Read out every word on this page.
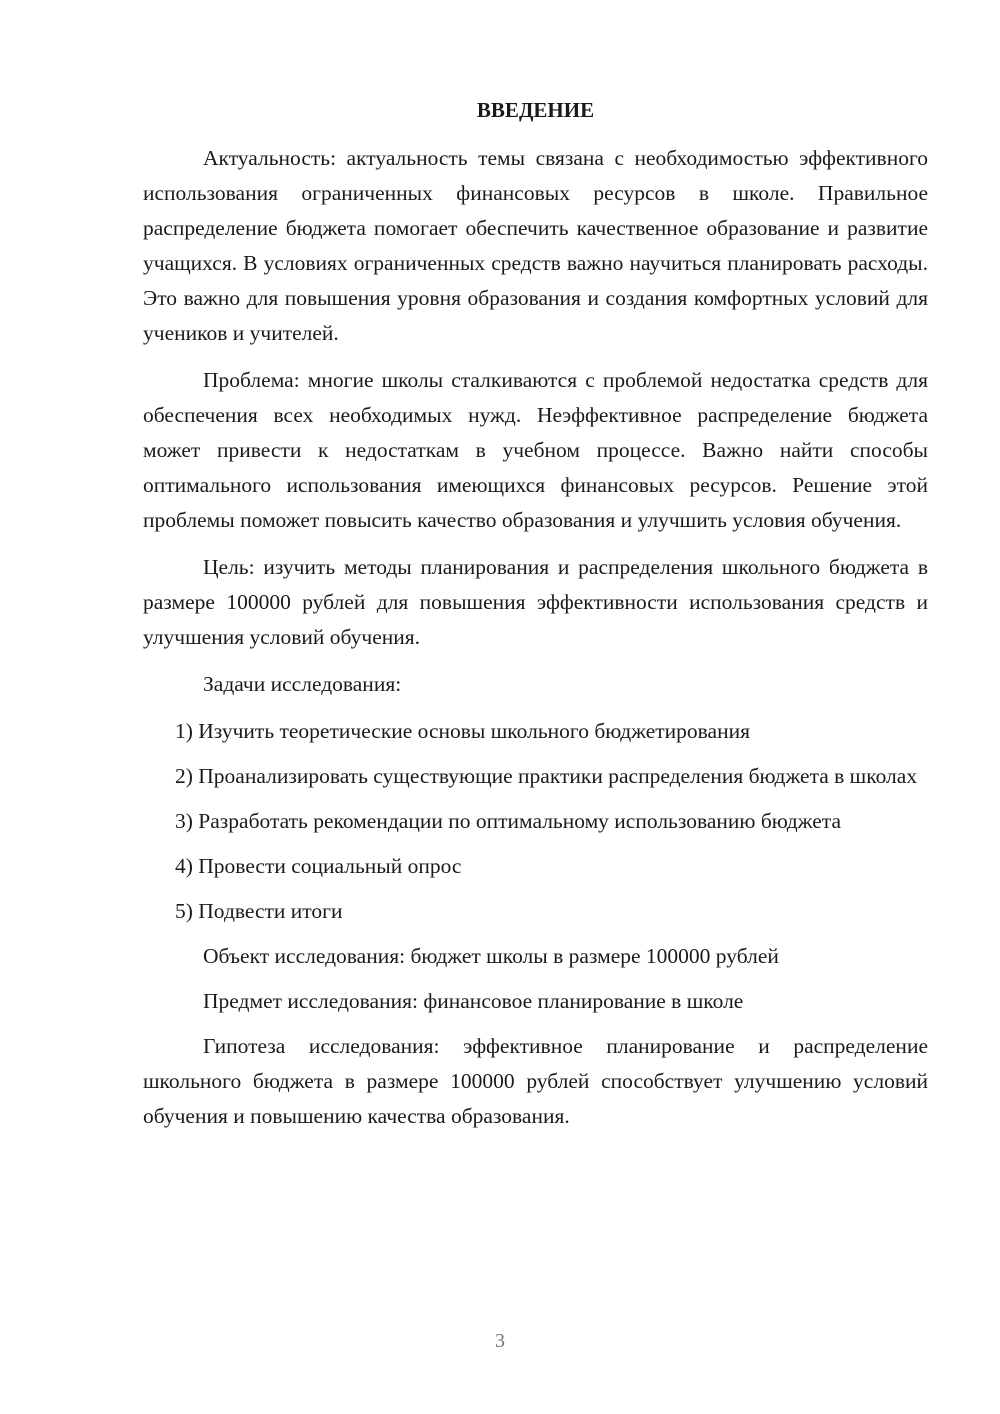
ВВЕДЕНИЕ

Актуальность: актуальность темы связана с необходимостью эффективного использования ограниченных финансовых ресурсов в школе. Правильное распределение бюджета помогает обеспечить качественное образование и развитие учащихся. В условиях ограниченных средств важно научиться планировать расходы. Это важно для повышения уровня образования и создания комфортных условий для учеников и учителей.

Проблема: многие школы сталкиваются с проблемой недостатка средств для обеспечения всех необходимых нужд. Неэффективное распределение бюджета может привести к недостаткам в учебном процессе. Важно найти способы оптимального использования имеющихся финансовых ресурсов. Решение этой проблемы поможет повысить качество образования и улучшить условия обучения.

Цель: изучить методы планирования и распределения школьного бюджета в размере 100000 рублей для повышения эффективности использования средств и улучшения условий обучения.

Задачи исследования:

1) Изучить теоретические основы школьного бюджетирования

2) Проанализировать существующие практики распределения бюджета в школах

3) Разработать рекомендации по оптимальному использованию бюджета

4) Провести социальный опрос

5) Подвести итоги

Объект исследования: бюджет школы в размере 100000 рублей

Предмет исследования: финансовое планирование в школе

Гипотеза исследования: эффективное планирование и распределение школьного бюджета в размере 100000 рублей способствует улучшению условий обучения и повышению качества образования.

3
